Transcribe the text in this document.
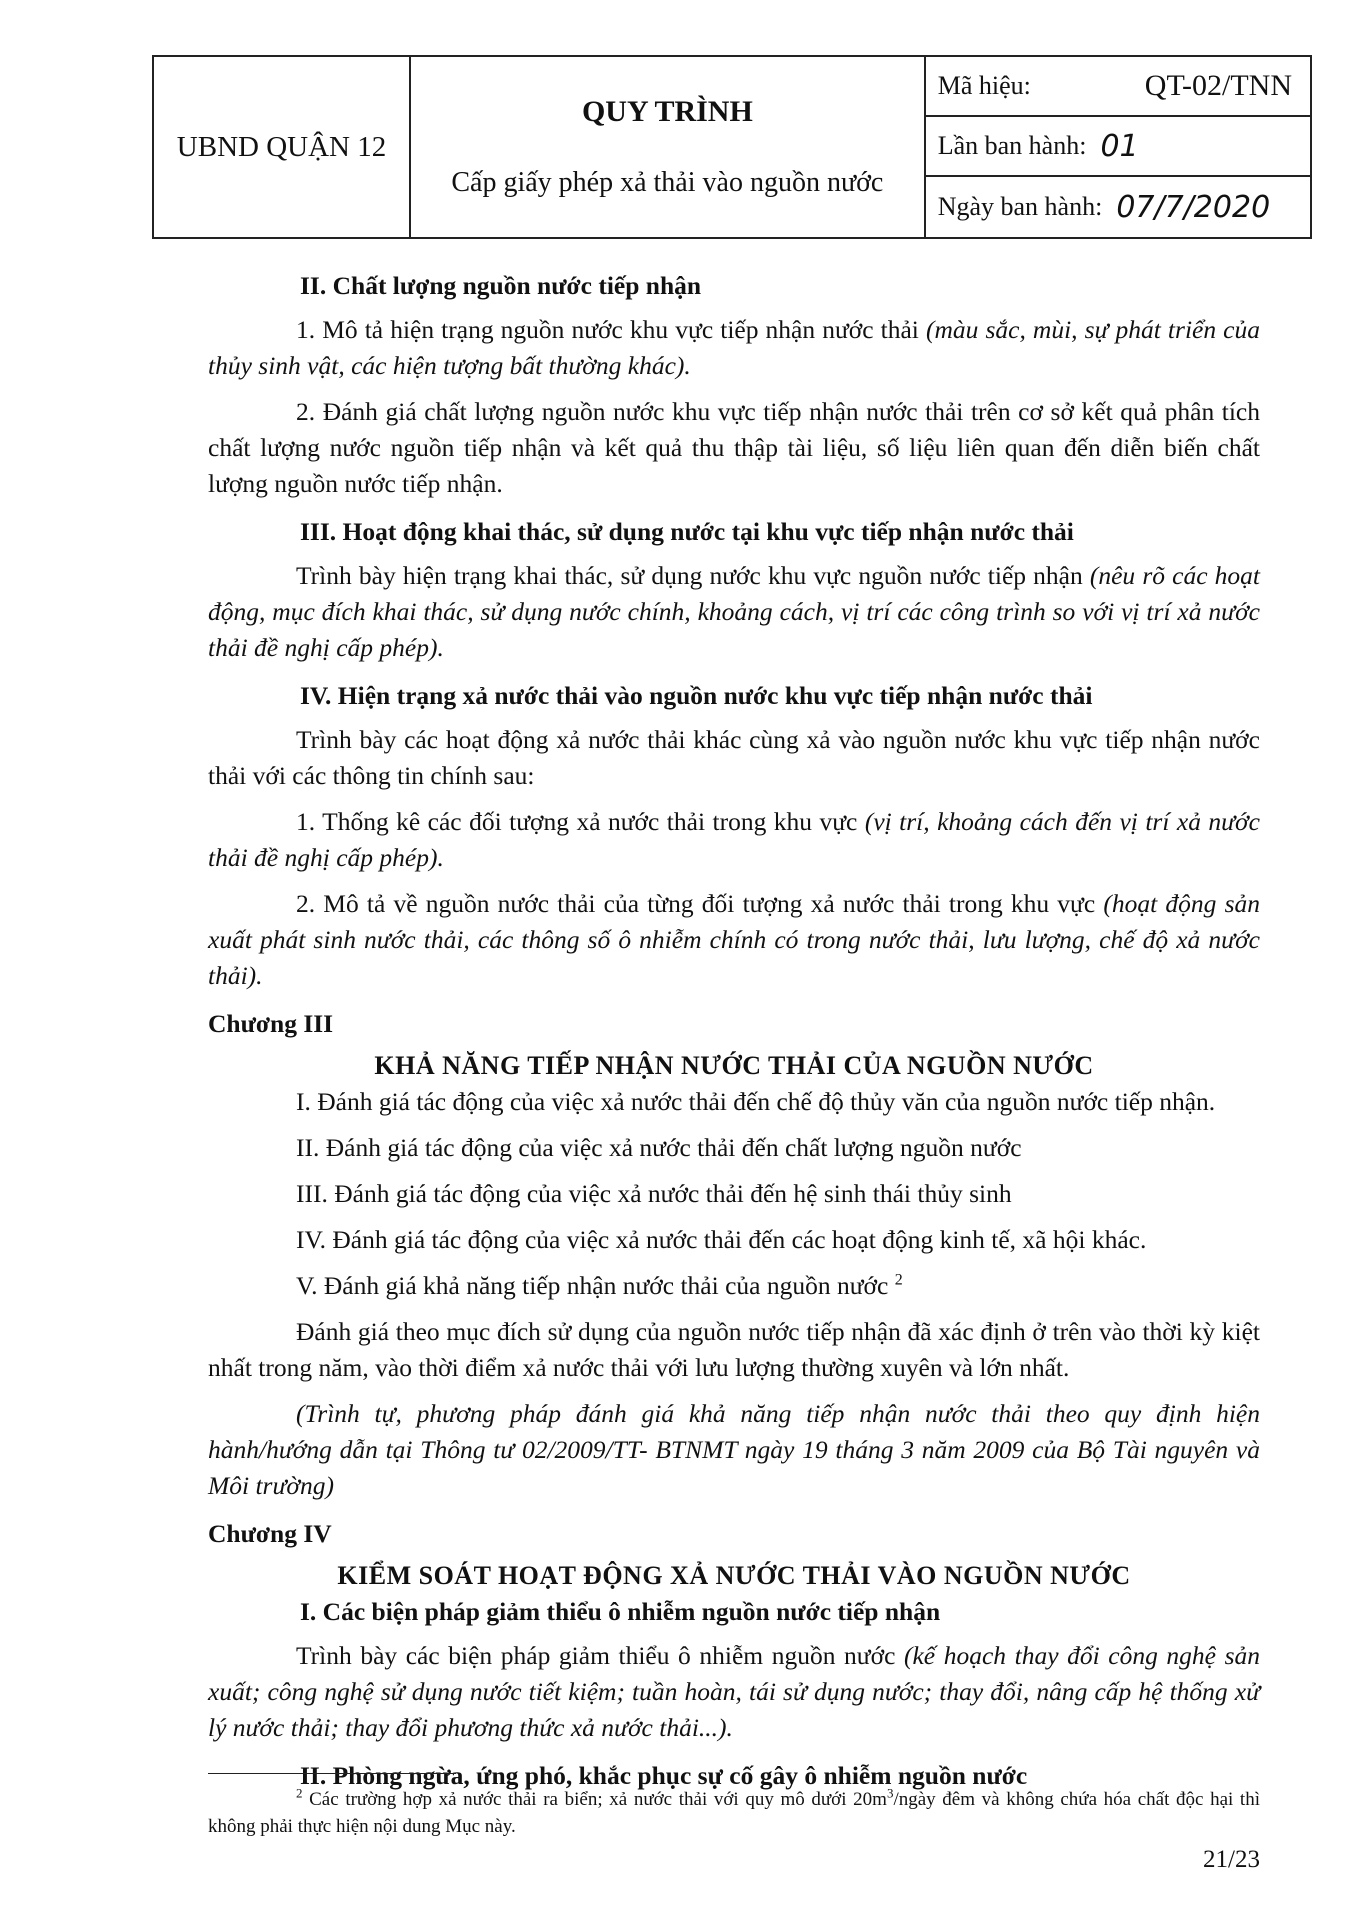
UBND QUẬN 12	
QUY TRÌNH
Cấp giấy phép xả thải vào nguồn nước

Mã hiệu:	QT-02/TNN
Lần ban hành: 01
Ngày ban hành: 07/7/2020

II. Chất lượng nguồn nước tiếp nhận

1. Mô tả hiện trạng nguồn nước khu vực tiếp nhận nước thải (màu sắc, mùi, sự phát triển của thủy sinh vật, các hiện tượng bất thường khác).

2. Đánh giá chất lượng nguồn nước khu vực tiếp nhận nước thải trên cơ sở kết quả phân tích chất lượng nước nguồn tiếp nhận và kết quả thu thập tài liệu, số liệu liên quan đến diễn biến chất lượng nguồn nước tiếp nhận.

III. Hoạt động khai thác, sử dụng nước tại khu vực tiếp nhận nước thải

Trình bày hiện trạng khai thác, sử dụng nước khu vực nguồn nước tiếp nhận (nêu rõ các hoạt động, mục đích khai thác, sử dụng nước chính, khoảng cách, vị trí các công trình so với vị trí xả nước thải đề nghị cấp phép).

IV. Hiện trạng xả nước thải vào nguồn nước khu vực tiếp nhận nước thải

Trình bày các hoạt động xả nước thải khác cùng xả vào nguồn nước khu vực tiếp nhận nước thải với các thông tin chính sau:

1. Thống kê các đối tượng xả nước thải trong khu vực (vị trí, khoảng cách đến vị trí xả nước thải đề nghị cấp phép).

2. Mô tả về nguồn nước thải của từng đối tượng xả nước thải trong khu vực (hoạt động sản xuất phát sinh nước thải, các thông số ô nhiễm chính có trong nước thải, lưu lượng, chế độ xả nước thải).

Chương III

KHẢ NĂNG TIẾP NHẬN NƯỚC THẢI CỦA NGUỒN NƯỚC

I. Đánh giá tác động của việc xả nước thải đến chế độ thủy văn của nguồn nước tiếp nhận.

II. Đánh giá tác động của việc xả nước thải đến chất lượng nguồn nước

III. Đánh giá tác động của việc xả nước thải đến hệ sinh thái thủy sinh

IV. Đánh giá tác động của việc xả nước thải đến các hoạt động kinh tế, xã hội khác.

V. Đánh giá khả năng tiếp nhận nước thải của nguồn nước $^2$

Đánh giá theo mục đích sử dụng của nguồn nước tiếp nhận đã xác định ở trên vào thời kỳ kiệt nhất trong năm, vào thời điểm xả nước thải với lưu lượng thường xuyên và lớn nhất.

(Trình tự, phương pháp đánh giá khả năng tiếp nhận nước thải theo quy định hiện hành/hướng dẫn tại Thông tư 02/2009/TT- BTNMT ngày 19 tháng 3 năm 2009 của Bộ Tài nguyên và Môi trường)

Chương IV

KIỂM SOÁT HOẠT ĐỘNG XẢ NƯỚC THẢI VÀO NGUỒN NƯỚC

I. Các biện pháp giảm thiểu ô nhiễm nguồn nước tiếp nhận

Trình bày các biện pháp giảm thiểu ô nhiễm nguồn nước (kế hoạch thay đổi công nghệ sản xuất; công nghệ sử dụng nước tiết kiệm; tuần hoàn, tái sử dụng nước; thay đổi, nâng cấp hệ thống xử lý nước thải; thay đổi phương thức xả nước thải...).

II. Phòng ngừa, ứng phó, khắc phục sự cố gây ô nhiễm nguồn nước

$^2$ Các trường hợp xả nước thải ra biển; xả nước thải với quy mô dưới $20m^3$/ngày đêm và không chứa hóa chất độc hại thì không phải thực hiện nội dung Mục này.

21/23
